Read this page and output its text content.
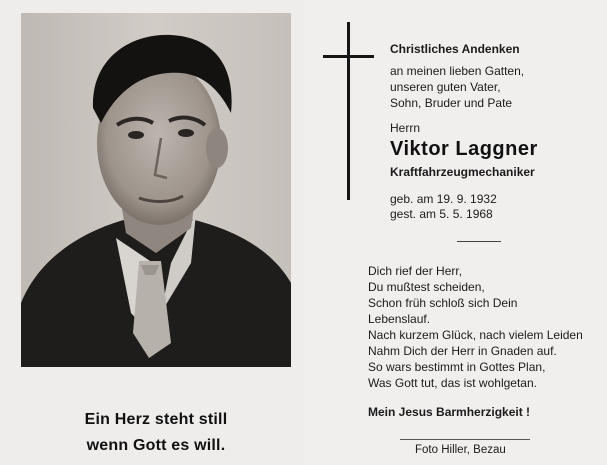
Ein Herz steht still
wenn Gott es will.
Christliches Andenken
an meinen lieben Gatten,
unseren guten Vater,
Sohn, Bruder und Pate
Herrn
Viktor Laggner
Kraftfahrzeugmechaniker
geb. am 19. 9. 1932
gest. am 5. 5. 1968
Dich rief der Herr,
Du mußtest scheiden,
Schon früh schloß sich Dein
Lebenslauf.
Nach kurzem Glück, nach vielem Leiden
Nahm Dich der Herr in Gnaden auf.
So wars bestimmt in Gottes Plan,
Was Gott tut, das ist wohlgetan.
Mein Jesus Barmherzigkeit !
Foto Hiller, Bezau
